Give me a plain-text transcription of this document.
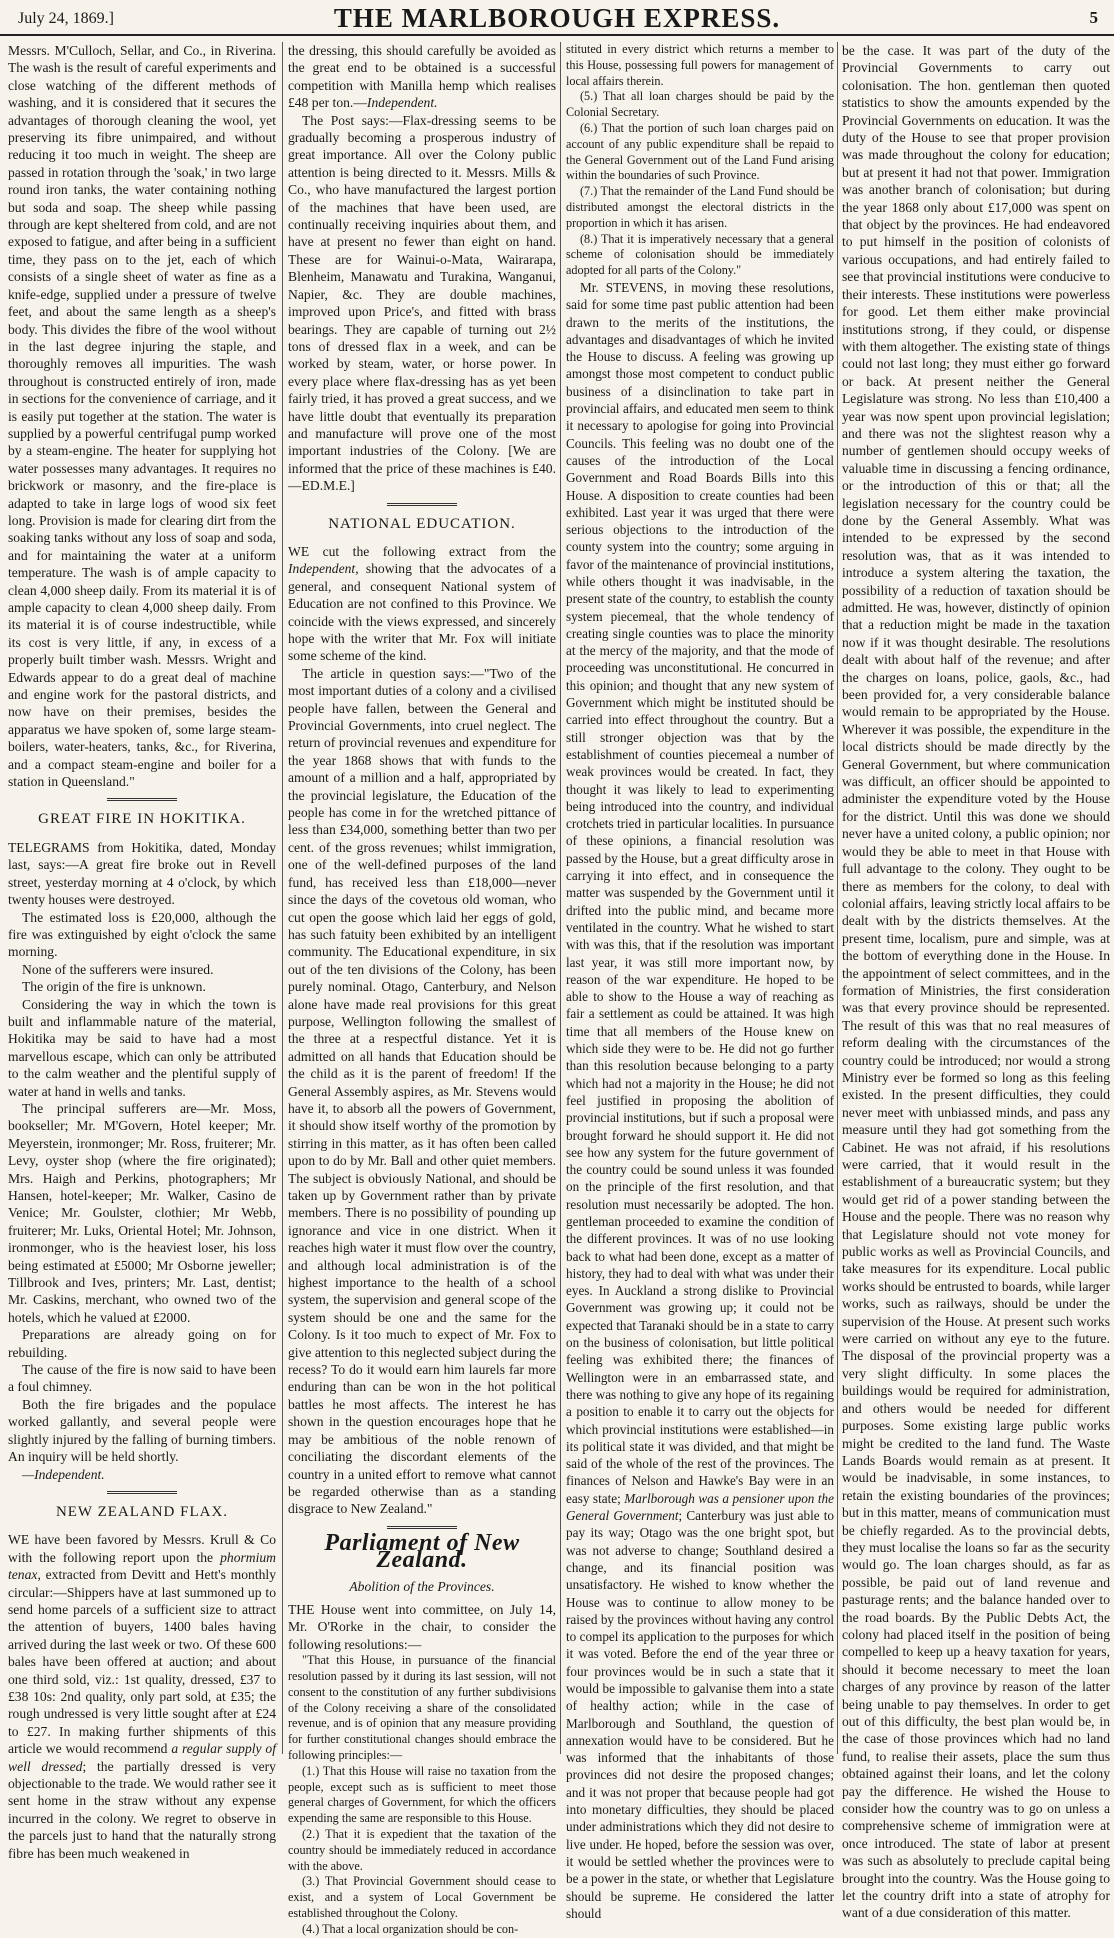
July 24, 1869.]	THE MARLBOROUGH EXPRESS.	5

Messrs. M'Culloch, Sellar, and Co., in Riverina. The wash is the result of careful experiments and close watching of the different methods of washing, and it is considered that it secures the advantages of thorough cleaning the wool, yet preserving its fibre unimpaired, and without reducing it too much in weight. The sheep are passed in rotation through the 'soak,' in two large round iron tanks, the water containing nothing but soda and soap. The sheep while passing through are kept sheltered from cold, and are not exposed to fatigue, and after being in a sufficient time, they pass on to the jet, each of which consists of a single sheet of water as fine as a knife-edge, supplied under a pressure of twelve feet, and about the same length as a sheep's body. This divides the fibre of the wool without in the last degree injuring the staple, and thoroughly removes all impurities. The wash throughout is constructed entirely of iron, made in sections for the convenience of carriage, and it is easily put together at the station. The water is supplied by a powerful centrifugal pump worked by a steam-engine. The heater for supplying hot water possesses many advantages. It requires no brickwork or masonry, and the fire-place is adapted to take in large logs of wood six feet long. Provision is made for clearing dirt from the soaking tanks without any loss of soap and soda, and for maintaining the water at a uniform temperature. The wash is of ample capacity to clean 4,000 sheep daily. From its material it is of ample capacity to clean 4,000 sheep daily. From its material it is of course indestructible, while its cost is very little, if any, in excess of a properly built timber wash. Messrs. Wright and Edwards appear to do a great deal of machine and engine work for the pastoral districts, and now have on their premises, besides the apparatus we have spoken of, some large steam-boilers, water-heaters, tanks, &c., for Riverina, and a compact steam-engine and boiler for a station in Queensland."

GREAT FIRE IN HOKITIKA.

TELEGRAMS from Hokitika, dated, Monday last, says:—A great fire broke out in Revell street, yesterday morning at 4 o'clock, by which twenty houses were destroyed.

The estimated loss is £20,000, although the fire was extinguished by eight o'clock the same morning.

None of the sufferers were insured.

The origin of the fire is unknown.

Considering the way in which the town is built and inflammable nature of the material, Hokitika may be said to have had a most marvellous escape, which can only be attributed to the calm weather and the plentiful supply of water at hand in wells and tanks.

The principal sufferers are—Mr. Moss, bookseller; Mr. M'Govern, Hotel keeper; Mr. Meyerstein, ironmonger; Mr. Ross, fruiterer; Mr. Levy, oyster shop (where the fire originated); Mrs. Haigh and Perkins, photographers; Mr Hansen, hotel-keeper; Mr. Walker, Casino de Venice; Mr. Goulster, clothier; Mr Webb, fruiterer; Mr. Luks, Oriental Hotel; Mr. Johnson, ironmonger, who is the heaviest loser, his loss being estimated at £5000; Mr Osborne jeweller; Tillbrook and Ives, printers; Mr. Last, dentist; Mr. Caskins, merchant, who owned two of the hotels, which he valued at £2000.

Preparations are already going on for rebuilding.

The cause of the fire is now said to have been a foul chimney.

Both the fire brigades and the populace worked gallantly, and several people were slightly injured by the falling of burning timbers. An inquiry will be held shortly.

—Independent.

NEW ZEALAND FLAX.

WE have been favored by Messrs. Krull & Co with the following report upon the phormium tenax, extracted from Devitt and Hett's monthly circular:—Shippers have at last summoned up to send home parcels of a sufficient size to attract the attention of buyers, 1400 bales having arrived during the last week or two. Of these 600 bales have been offered at auction; and about one third sold, viz.: 1st quality, dressed, £37 to £38 10s: 2nd quality, only part sold, at £35; the rough undressed is very little sought after at £24 to £27. In making further shipments of this article we would recommend a regular supply of well dressed; the partially dressed is very objectionable to the trade. We would rather see it sent home in the straw without any expense incurred in the colony. We regret to observe in the parcels just to hand that the naturally strong fibre has been much weakened in

the dressing, this should carefully be avoided as the great end to be obtained is a successful competition with Manilla hemp which realises £48 per ton.—Independent.

The Post says:—Flax-dressing seems to be gradually becoming a prosperous industry of great importance. All over the Colony public attention is being directed to it. Messrs. Mills & Co., who have manufactured the largest portion of the machines that have been used, are continually receiving inquiries about them, and have at present no fewer than eight on hand. These are for Wainui-o-Mata, Wairarapa, Blenheim, Manawatu and Turakina, Wanganui, Napier, &c. They are double machines, improved upon Price's, and fitted with brass bearings. They are capable of turning out 2½ tons of dressed flax in a week, and can be worked by steam, water, or horse power. In every place where flax-dressing has as yet been fairly tried, it has proved a great success, and we have little doubt that eventually its preparation and manufacture will prove one of the most important industries of the Colony. [We are informed that the price of these machines is £40.—ED.M.E.]

NATIONAL EDUCATION.

WE cut the following extract from the Independent, showing that the advocates of a general, and consequent National system of Education are not confined to this Province. We coincide with the views expressed, and sincerely hope with the writer that Mr. Fox will initiate some scheme of the kind.

The article in question says:—"Two of the most important duties of a colony and a civilised people have fallen, between the General and Provincial Governments, into cruel neglect. The return of provincial revenues and expenditure for the year 1868 shows that with funds to the amount of a million and a half, appropriated by the provincial legislature, the Education of the people has come in for the wretched pittance of less than £34,000, something better than two per cent. of the gross revenues; whilst immigration, one of the well-defined purposes of the land fund, has received less than £18,000—never since the days of the covetous old woman, who cut open the goose which laid her eggs of gold, has such fatuity been exhibited by an intelligent community. The Educational expenditure, in six out of the ten divisions of the Colony, has been purely nominal. Otago, Canterbury, and Nelson alone have made real provisions for this great purpose, Wellington following the smallest of the three at a respectful distance. Yet it is admitted on all hands that Education should be the child as it is the parent of freedom! If the General Assembly aspires, as Mr. Stevens would have it, to absorb all the powers of Government, it should show itself worthy of the promotion by stirring in this matter, as it has often been called upon to do by Mr. Ball and other quiet members. The subject is obviously National, and should be taken up by Government rather than by private members. There is no possibility of pounding up ignorance and vice in one district. When it reaches high water it must flow over the country, and although local administration is of the highest importance to the health of a school system, the supervision and general scope of the system should be one and the same for the Colony. Is it too much to expect of Mr. Fox to give attention to this neglected subject during the recess? To do it would earn him laurels far more enduring than can be won in the hot political battles he most affects. The interest he has shown in the question encourages hope that he may be ambitious of the noble renown of conciliating the discordant elements of the country in a united effort to remove what cannot be regarded otherwise than as a standing disgrace to New Zealand."

Parliament of New Zealand.
Abolition of the Provinces.

THE House went into committee, on July 14, Mr. O'Rorke in the chair, to consider the following resolutions:—

"That this House, in pursuance of the financial resolution passed by it during its last session, will not consent to the constitution of any further subdivisions of the Colony receiving a share of the consolidated revenue, and is of opinion that any measure providing for further constitutional changes should embrace the following principles:—

(1.) That this House will raise no taxation from the people, except such as is sufficient to meet those general charges of Government, for which the officers expending the same are responsible to this House.

(2.) That it is expedient that the taxation of the country should be immediately reduced in accordance with the above.

(3.) That Provincial Government should cease to exist, and a system of Local Government be established throughout the Colony.

(4.) That a local organization should be con-

stituted in every district which returns a member to this House, possessing full powers for management of local affairs therein.

(5.) That all loan charges should be paid by the Colonial Secretary.

(6.) That the portion of such loan charges paid on account of any public expenditure shall be repaid to the General Government out of the Land Fund arising within the boundaries of such Province.

(7.) That the remainder of the Land Fund should be distributed amongst the electoral districts in the proportion in which it has arisen.

(8.) That it is imperatively necessary that a general scheme of colonisation should be immediately adopted for all parts of the Colony."

Mr. STEVENS, in moving these resolutions, said for some time past public attention had been drawn to the merits of the institutions, the advantages and disadvantages of which he invited the House to discuss. A feeling was growing up amongst those most competent to conduct public business of a disinclination to take part in provincial affairs, and educated men seem to think it necessary to apologise for going into Provincial Councils. This feeling was no doubt one of the causes of the introduction of the Local Government and Road Boards Bills into this House. A disposition to create counties had been exhibited. Last year it was urged that there were serious objections to the introduction of the county system into the country; some arguing in favor of the maintenance of provincial institutions, while others thought it was inadvisable, in the present state of the country, to establish the county system piecemeal, that the whole tendency of creating single counties was to place the minority at the mercy of the majority, and that the mode of proceeding was unconstitutional. He concurred in this opinion; and thought that any new system of Government which might be instituted should be carried into effect throughout the country. But a still stronger objection was that by the establishment of counties piecemeal a number of weak provinces would be created. In fact, they thought it was likely to lead to experimenting being introduced into the country, and individual crotchets tried in particular localities. In pursuance of these opinions, a financial resolution was passed by the House, but a great difficulty arose in carrying it into effect, and in consequence the matter was suspended by the Government until it drifted into the public mind, and became more ventilated in the country. What he wished to start with was this, that if the resolution was important last year, it was still more important now, by reason of the war expenditure. He hoped to be able to show to the House a way of reaching as fair a settlement as could be attained. It was high time that all members of the House knew on which side they were to be. He did not go further than this resolution because belonging to a party which had not a majority in the House; he did not feel justified in proposing the abolition of provincial institutions, but if such a proposal were brought forward he should support it. He did not see how any system for the future government of the country could be sound unless it was founded on the principle of the first resolution, and that resolution must necessarily be adopted. The hon. gentleman proceeded to examine the condition of the different provinces. It was of no use looking back to what had been done, except as a matter of history, they had to deal with what was under their eyes. In Auckland a strong dislike to Provincial Government was growing up; it could not be expected that Taranaki should be in a state to carry on the business of colonisation, but little political feeling was exhibited there; the finances of Wellington were in an embarrassed state, and there was nothing to give any hope of its regaining a position to enable it to carry out the objects for which provincial institutions were established—in its political state it was divided, and that might be said of the whole of the rest of the provinces. The finances of Nelson and Hawke's Bay were in an easy state; Marlborough was a pensioner upon the General Government; Canterbury was just able to pay its way; Otago was the one bright spot, but was not adverse to change; Southland desired a change, and its financial position was unsatisfactory. He wished to know whether the House was to continue to allow money to be raised by the provinces without having any control to compel its application to the purposes for which it was voted. Before the end of the year three or four provinces would be in such a state that it would be impossible to galvanise them into a state of healthy action; while in the case of Marlborough and Southland, the question of annexation would have to be considered. But he was informed that the inhabitants of those provinces did not desire the proposed changes; and it was not proper that because people had got into monetary difficulties, they should be placed under administrations which they did not desire to live under. He hoped, before the session was over, it would be settled whether the provinces were to be a power in the state, or whether that Legislature should be supreme. He considered the latter should

be the case. It was part of the duty of the Provincial Governments to carry out colonisation. The hon. gentleman then quoted statistics to show the amounts expended by the Provincial Governments on education. It was the duty of the House to see that proper provision was made throughout the colony for education; but at present it had not that power. Immigration was another branch of colonisation; but during the year 1868 only about £17,000 was spent on that object by the provinces. He had endeavored to put himself in the position of colonists of various occupations, and had entirely failed to see that provincial institutions were conducive to their interests. These institutions were powerless for good. Let them either make provincial institutions strong, if they could, or dispense with them altogether. The existing state of things could not last long; they must either go forward or back. At present neither the General Legislature was strong. No less than £10,400 a year was now spent upon provincial legislation; and there was not the slightest reason why a number of gentlemen should occupy weeks of valuable time in discussing a fencing ordinance, or the introduction of this or that; all the legislation necessary for the country could be done by the General Assembly. What was intended to be expressed by the second resolution was, that as it was intended to introduce a system altering the taxation, the possibility of a reduction of taxation should be admitted. He was, however, distinctly of opinion that a reduction might be made in the taxation now if it was thought desirable. The resolutions dealt with about half of the revenue; and after the charges on loans, police, gaols, &c., had been provided for, a very considerable balance would remain to be appropriated by the House. Wherever it was possible, the expenditure in the local districts should be made directly by the General Government, but where communication was difficult, an officer should be appointed to administer the expenditure voted by the House for the district. Until this was done we should never have a united colony, a public opinion; nor would they be able to meet in that House with full advantage to the colony. They ought to be there as members for the colony, to deal with colonial affairs, leaving strictly local affairs to be dealt with by the districts themselves. At the present time, localism, pure and simple, was at the bottom of everything done in the House. In the appointment of select committees, and in the formation of Ministries, the first consideration was that every province should be represented. The result of this was that no real measures of reform dealing with the circumstances of the country could be introduced; nor would a strong Ministry ever be formed so long as this feeling existed. In the present difficulties, they could never meet with unbiassed minds, and pass any measure until they had got something from the Cabinet. He was not afraid, if his resolutions were carried, that it would result in the establishment of a bureaucratic system; but they would get rid of a power standing between the House and the people. There was no reason why that Legislature should not vote money for public works as well as Provincial Councils, and take measures for its expenditure. Local public works should be entrusted to boards, while larger works, such as railways, should be under the supervision of the House. At present such works were carried on without any eye to the future. The disposal of the provincial property was a very slight difficulty. In some places the buildings would be required for administration, and others would be needed for different purposes. Some existing large public works might be credited to the land fund. The Waste Lands Boards would remain as at present. It would be inadvisable, in some instances, to retain the existing boundaries of the provinces; but in this matter, means of communication must be chiefly regarded. As to the provincial debts, they must localise the loans so far as the security would go. The loan charges should, as far as possible, be paid out of land revenue and pasturage rents; and the balance handed over to the road boards. By the Public Debts Act, the colony had placed itself in the position of being compelled to keep up a heavy taxation for years, should it become necessary to meet the loan charges of any province by reason of the latter being unable to pay themselves. In order to get out of this difficulty, the best plan would be, in the case of those provinces which had no land fund, to realise their assets, place the sum thus obtained against their loans, and let the colony pay the difference. He wished the House to consider how the country was to go on unless a comprehensive scheme of immigration were at once introduced. The state of labor at present was such as absolutely to preclude capital being brought into the country. Was the House going to let the country drift into a state of atrophy for want of a due consideration of this matter.
